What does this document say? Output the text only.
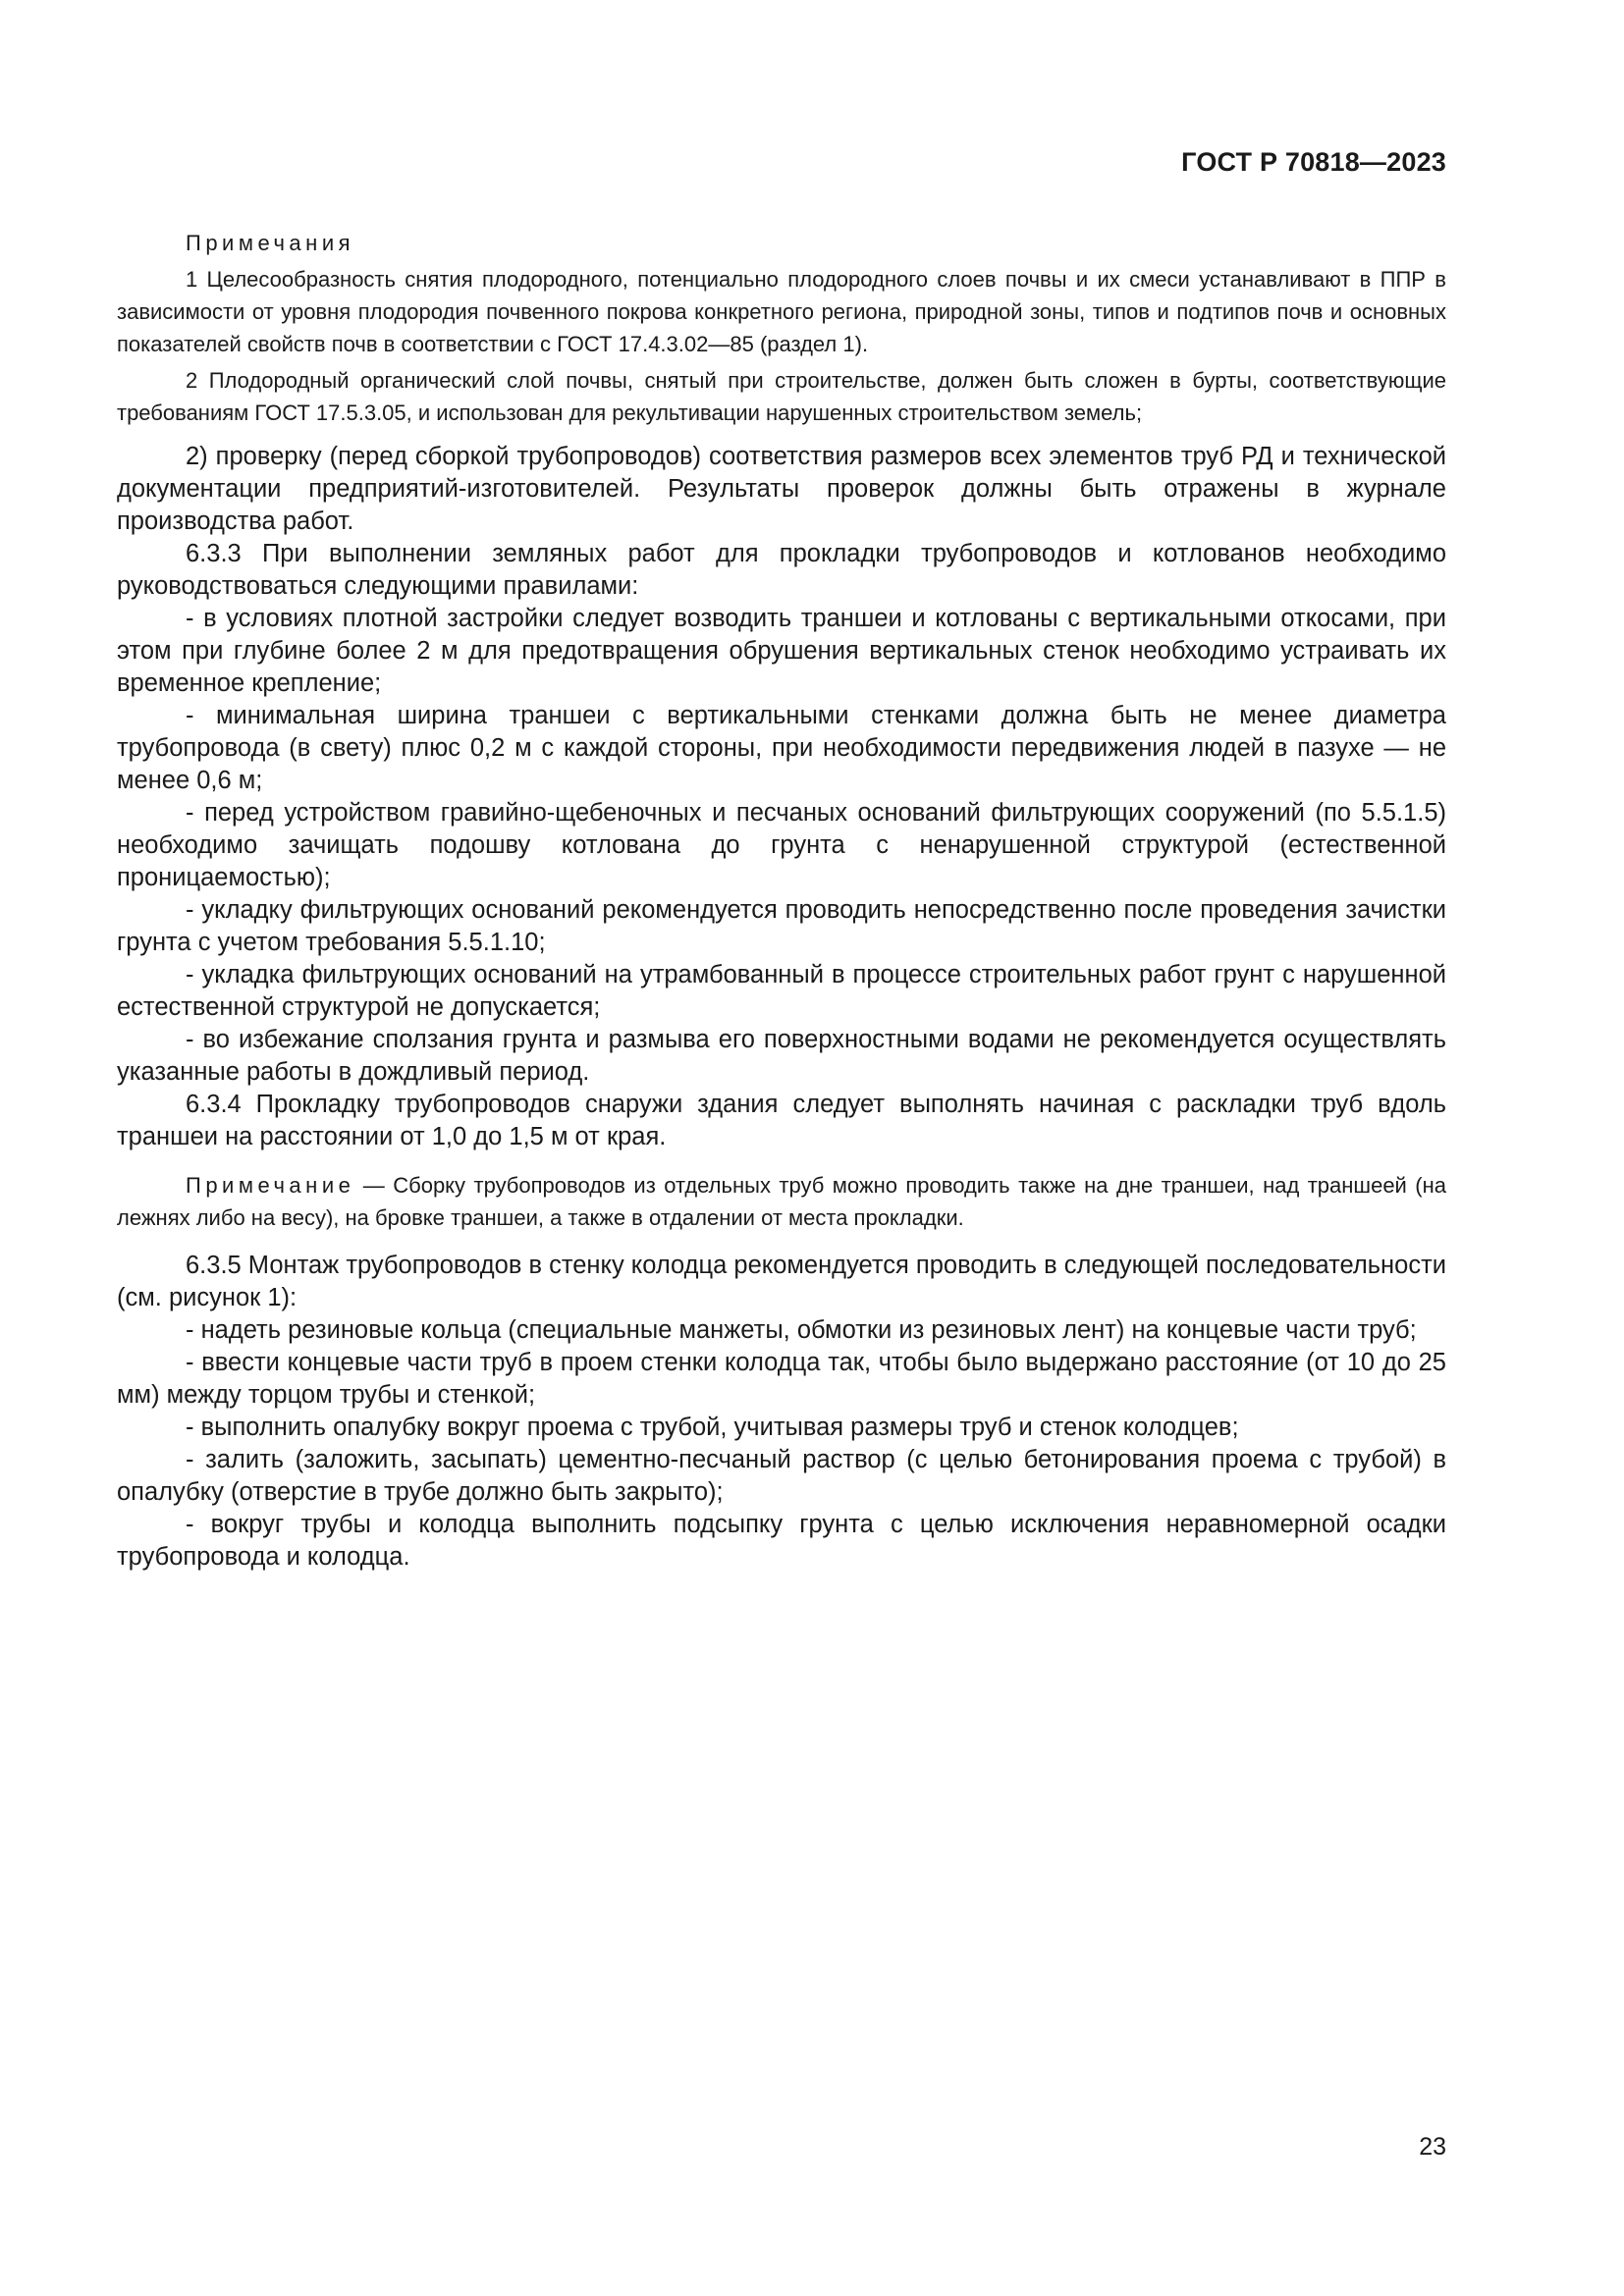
ГОСТ Р 70818—2023
Примечания

1 Целесообразность снятия плодородного, потенциально плодородного слоев почвы и их смеси устанавливают в ППР в зависимости от уровня плодородия почвенного покрова конкретного региона, природной зоны, типов и подтипов почв и основных показателей свойств почв в соответствии с ГОСТ 17.4.3.02—85 (раздел 1).

2 Плодородный органический слой почвы, снятый при строительстве, должен быть сложен в бурты, соответствующие требованиям ГОСТ 17.5.3.05, и использован для рекультивации нарушенных строительством земель;

2) проверку (перед сборкой трубопроводов) соответствия размеров всех элементов труб РД и технической документации предприятий-изготовителей. Результаты проверок должны быть отражены в журнале производства работ.

6.3.3 При выполнении земляных работ для прокладки трубопроводов и котлованов необходимо руководствоваться следующими правилами:

- в условиях плотной застройки следует возводить траншеи и котлованы с вертикальными откосами, при этом при глубине более 2 м для предотвращения обрушения вертикальных стенок необходимо устраивать их временное крепление;

- минимальная ширина траншеи с вертикальными стенками должна быть не менее диаметра трубопровода (в свету) плюс 0,2 м с каждой стороны, при необходимости передвижения людей в пазухе — не менее 0,6 м;

- перед устройством гравийно-щебеночных и песчаных оснований фильтрующих сооружений (по 5.5.1.5) необходимо зачищать подошву котлована до грунта с ненарушенной структурой (естественной проницаемостью);

- укладку фильтрующих оснований рекомендуется проводить непосредственно после проведения зачистки грунта с учетом требования 5.5.1.10;

- укладка фильтрующих оснований на утрамбованный в процессе строительных работ грунт с нарушенной естественной структурой не допускается;

- во избежание сползания грунта и размыва его поверхностными водами не рекомендуется осуществлять указанные работы в дождливый период.

6.3.4 Прокладку трубопроводов снаружи здания следует выполнять начиная с раскладки труб вдоль траншеи на расстоянии от 1,0 до 1,5 м от края.

Примечание — Сборку трубопроводов из отдельных труб можно проводить также на дне траншеи, над траншеей (на лежнях либо на весу), на бровке траншеи, а также в отдалении от места прокладки.

6.3.5 Монтаж трубопроводов в стенку колодца рекомендуется проводить в следующей последовательности (см. рисунок 1):

- надеть резиновые кольца (специальные манжеты, обмотки из резиновых лент) на концевые части труб;

- ввести концевые части труб в проем стенки колодца так, чтобы было выдержано расстояние (от 10 до 25 мм) между торцом трубы и стенкой;

- выполнить опалубку вокруг проема с трубой, учитывая размеры труб и стенок колодцев;

- залить (заложить, засыпать) цементно-песчаный раствор (с целью бетонирования проема с трубой) в опалубку (отверстие в трубе должно быть закрыто);

- вокруг трубы и колодца выполнить подсыпку грунта с целью исключения неравномерной осадки трубопровода и колодца.

23
